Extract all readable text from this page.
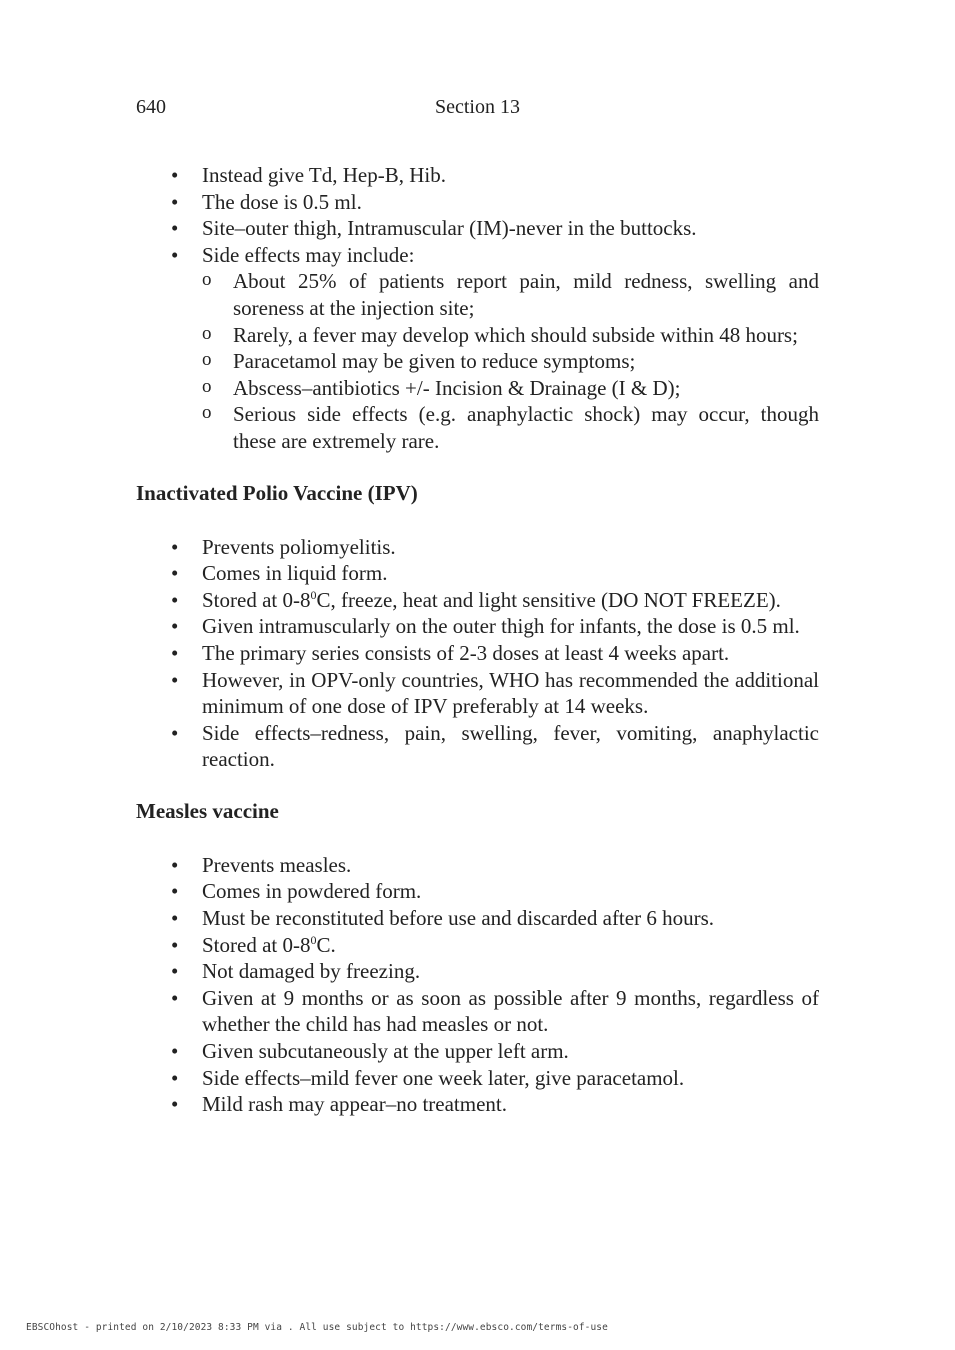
640	Section 13
• Instead give Td, Hep-B, Hib.
• The dose is 0.5 ml.
• Site–outer thigh, Intramuscular (IM)-never in the buttocks.
• Side effects may include:
o About 25% of patients report pain, mild redness, swelling and soreness at the injection site;
o Rarely, a fever may develop which should subside within 48 hours;
o Paracetamol may be given to reduce symptoms;
o Abscess–antibiotics +/- Incision & Drainage (I & D);
o Serious side effects (e.g. anaphylactic shock) may occur, though these are extremely rare.
Inactivated Polio Vaccine (IPV)
• Prevents poliomyelitis.
• Comes in liquid form.
• Stored at $0-8^0C$, freeze, heat and light sensitive (DO NOT FREEZE).
• Given intramuscularly on the outer thigh for infants, the dose is 0.5 ml.
• The primary series consists of 2-3 doses at least 4 weeks apart.
• However, in OPV-only countries, WHO has recommended the additional minimum of one dose of IPV preferably at 14 weeks.
• Side effects–redness, pain, swelling, fever, vomiting, anaphylactic reaction.
Measles vaccine
• Prevents measles.
• Comes in powdered form.
• Must be reconstituted before use and discarded after 6 hours.
• Stored at $0-8^0C$.
• Not damaged by freezing.
• Given at 9 months or as soon as possible after 9 months, regardless of whether the child has had measles or not.
• Given subcutaneously at the upper left arm.
• Side effects–mild fever one week later, give paracetamol.
• Mild rash may appear–no treatment.
EBSCOhost - printed on 2/10/2023 8:33 PM via . All use subject to https://www.ebsco.com/terms-of-use
